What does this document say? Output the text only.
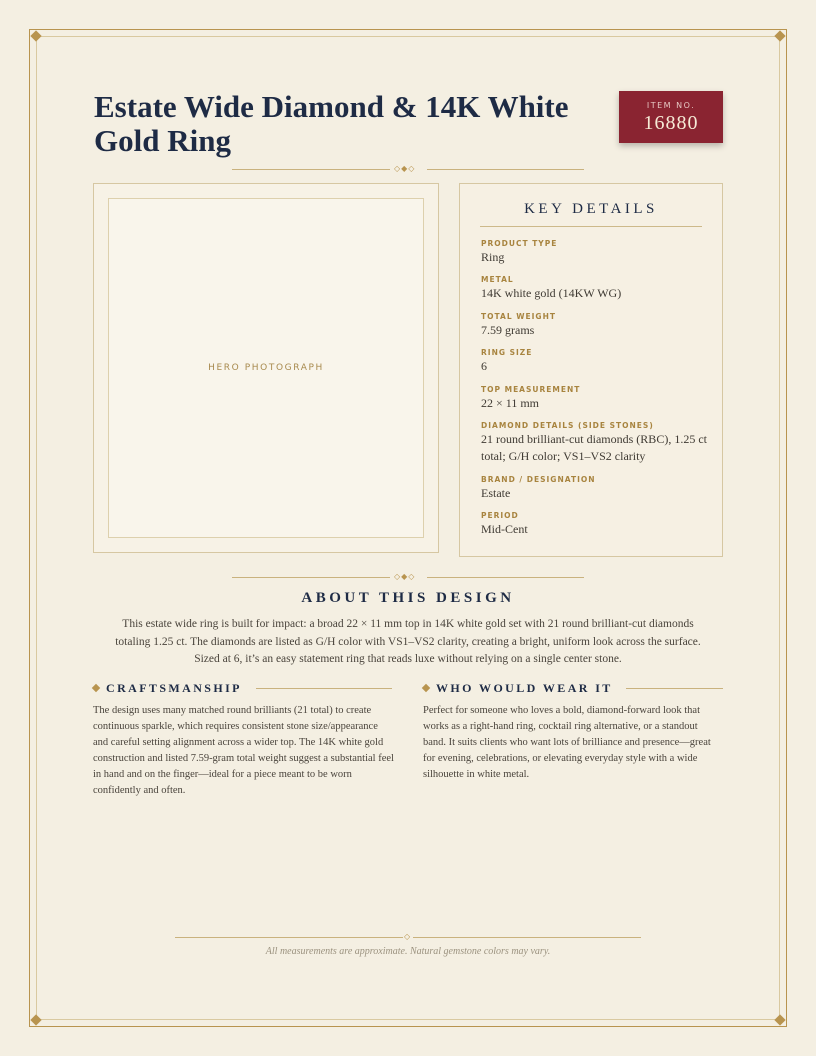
Estate Wide Diamond & 14K White Gold Ring
ITEM NO.
16880
◇◆◇
HERO PHOTOGRAPH
KEY DETAILS
PRODUCT TYPE
Ring
METAL
14K white gold (14KW WG)
TOTAL WEIGHT
7.59 grams
RING SIZE
6
TOP MEASUREMENT
22 × 11 mm
DIAMOND DETAILS (SIDE STONES)
21 round brilliant-cut diamonds (RBC), 1.25 ct total; G/H color; VS1–VS2 clarity
BRAND / DESIGNATION
Estate
PERIOD
Mid-Cent
◇◆◇
ABOUT THIS DESIGN

This estate wide ring is built for impact: a broad 22 × 11 mm top in 14K white gold set with 21 round brilliant-cut diamonds totaling 1.25 ct. The diamonds are listed as G/H color with VS1–VS2 clarity, creating a bright, uniform look across the surface. Sized at 6, it’s an easy statement ring that reads luxe without relying on a single center stone.

CRAFTSMANSHIP

The design uses many matched round brilliants (21 total) to create continuous sparkle, which requires consistent stone size/appearance and careful setting alignment across a wider top. The 14K white gold construction and listed 7.59-gram total weight suggest a substantial feel in hand and on the finger—ideal for a piece meant to be worn confidently and often.

WHO WOULD WEAR IT

Perfect for someone who loves a bold, diamond-forward look that works as a right-hand ring, cocktail ring alternative, or a standout band. It suits clients who want lots of brilliance and presence—great for evening, celebrations, or elevating everyday style with a wide silhouette in white metal.

◇

All measurements are approximate. Natural gemstone colors may vary.
